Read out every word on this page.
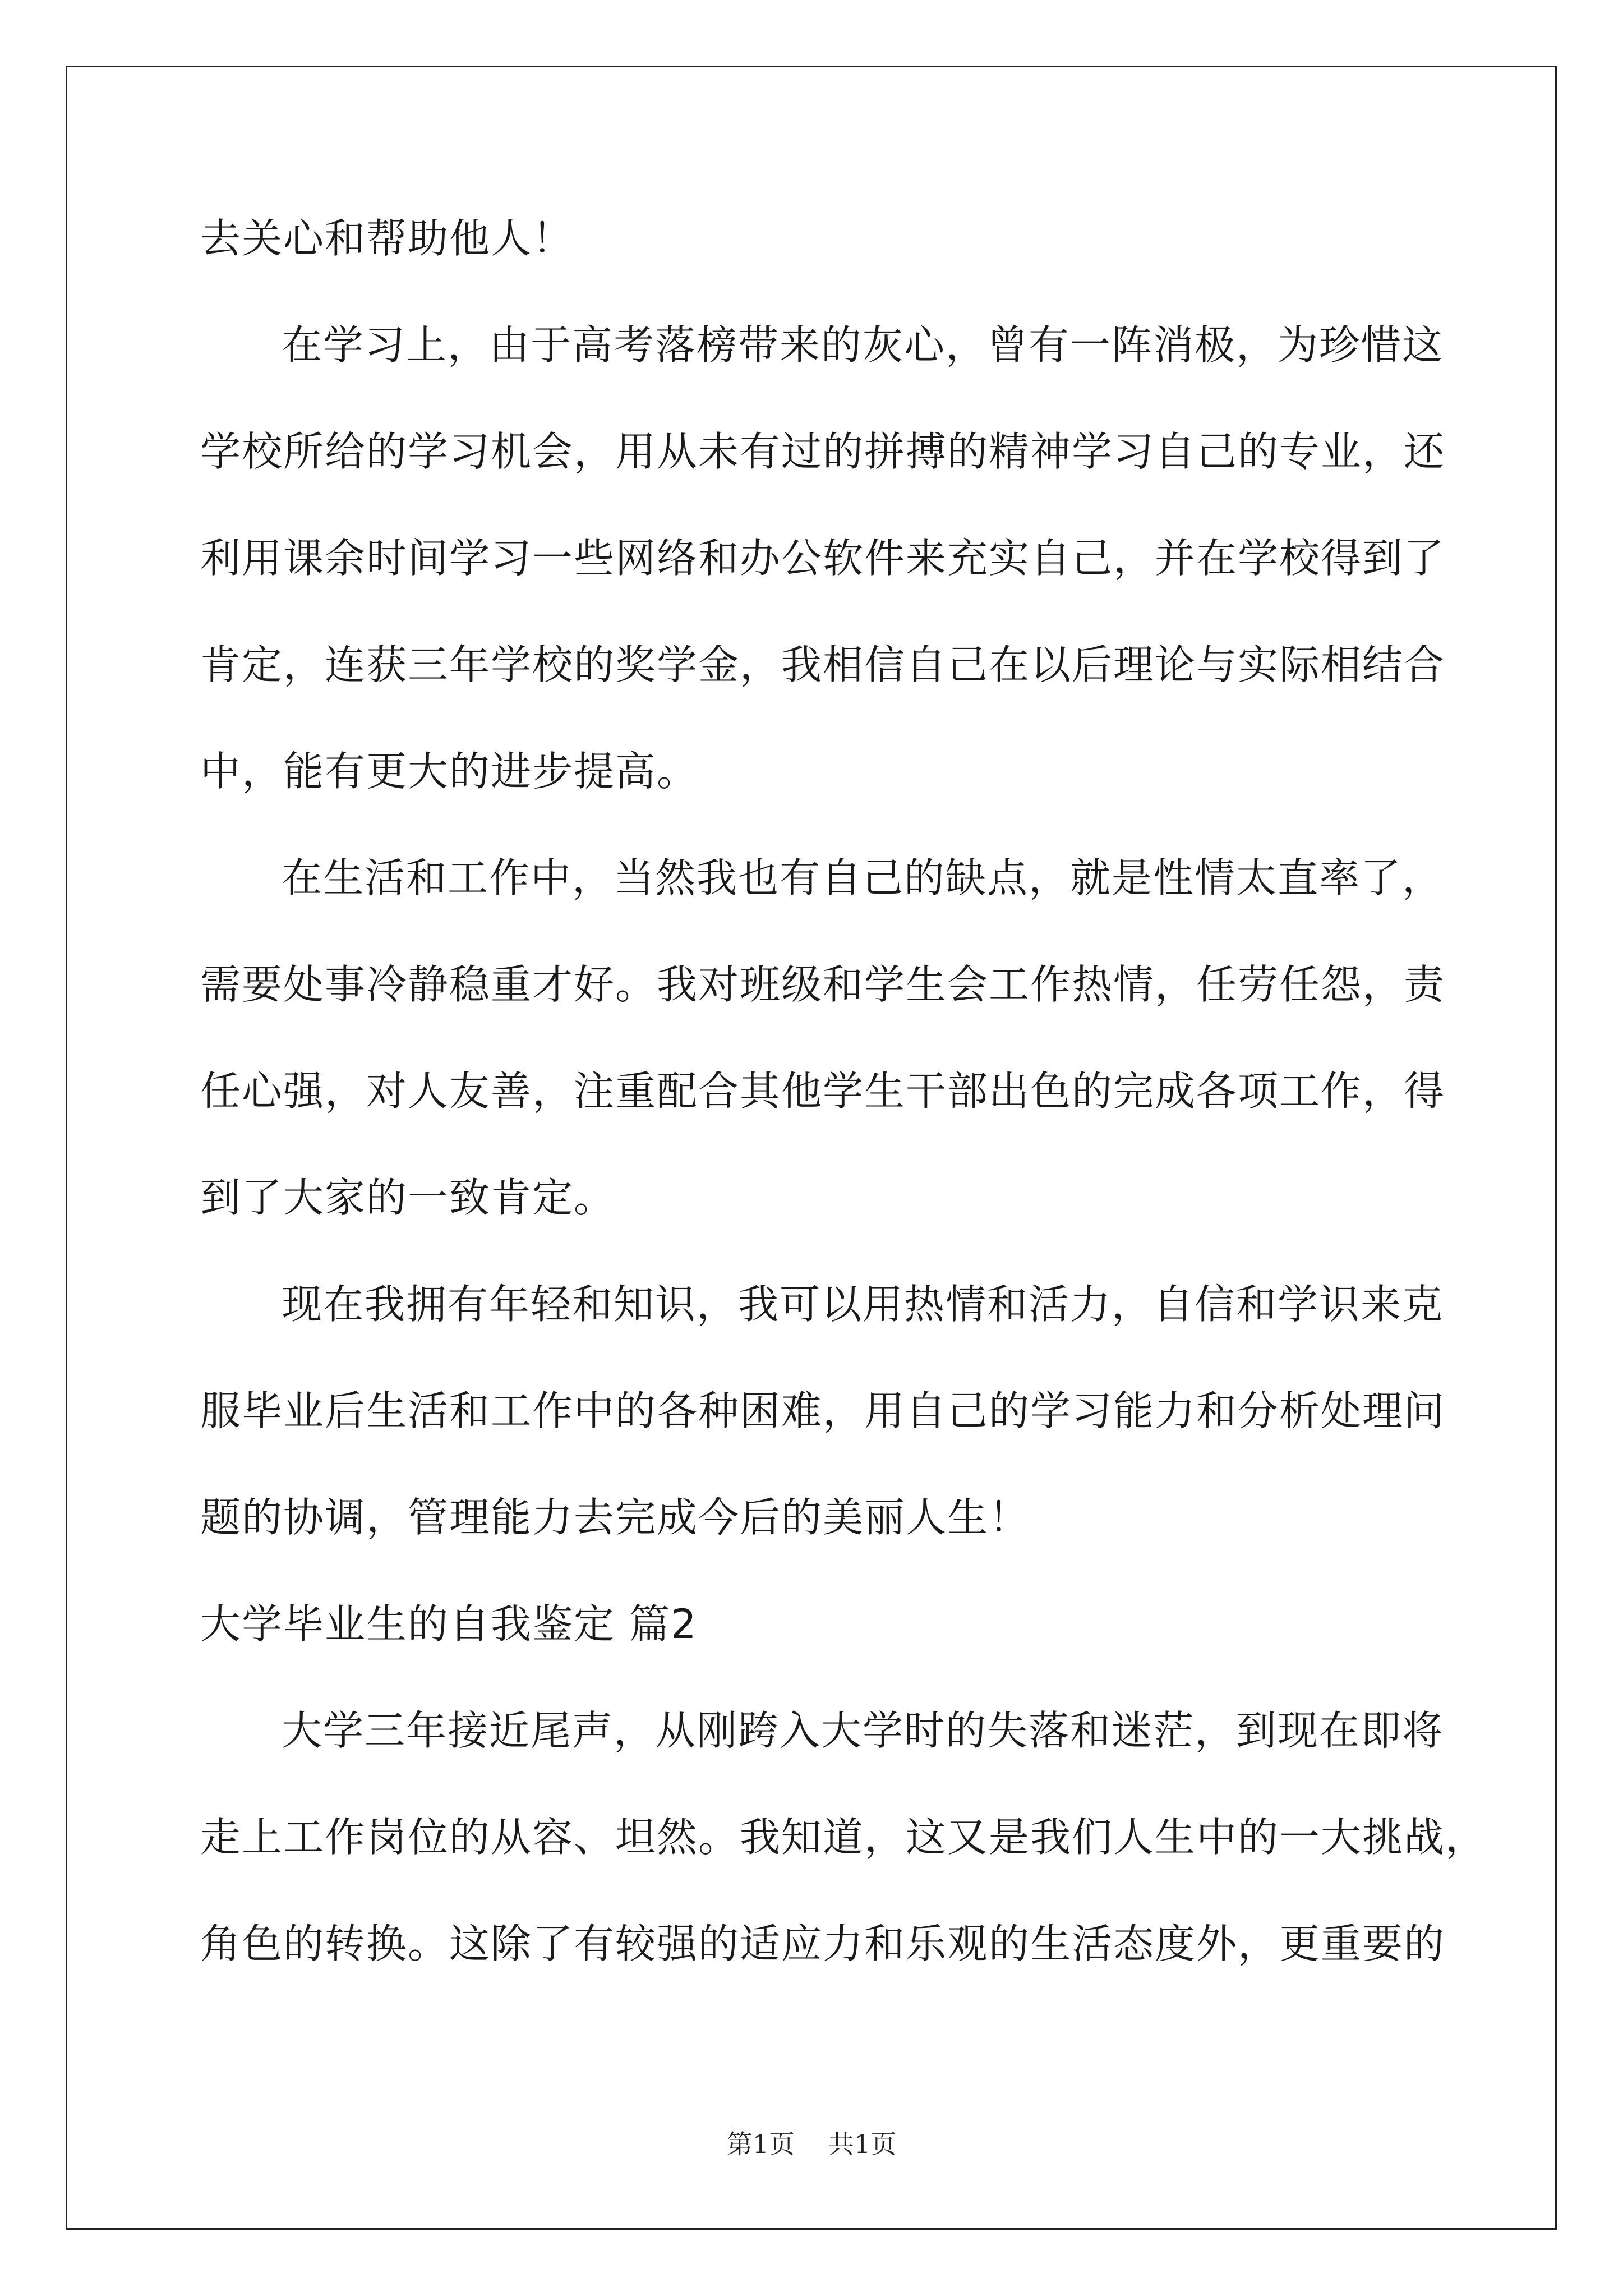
去关心和帮助他人！
在学习上，由于高考落榜带来的灰心，曾有一阵消极，为珍惜这
学校所给的学习机会，用从未有过的拼搏的精神学习自己的专业，还
利用课余时间学习一些网络和办公软件来充实自己，并在学校得到了
肯定，连获三年学校的奖学金，我相信自己在以后理论与实际相结合
中，能有更大的进步提高。
在生活和工作中，当然我也有自己的缺点，就是性情太直率了，
需要处事冷静稳重才好。我对班级和学生会工作热情，任劳任怨，责
任心强，对人友善，注重配合其他学生干部出色的完成各项工作，得
到了大家的一致肯定。
现在我拥有年轻和知识，我可以用热情和活力，自信和学识来克
服毕业后生活和工作中的各种困难，用自己的学习能力和分析处理问
题的协调，管理能力去完成今后的美丽人生！
大学毕业生的自我鉴定 篇2
大学三年接近尾声，从刚跨入大学时的失落和迷茫，到现在即将
走上工作岗位的从容、坦然。我知道，这又是我们人生中的一大挑战，
角色的转换。这除了有较强的适应力和乐观的生活态度外，更重要的
第1页 共1页
